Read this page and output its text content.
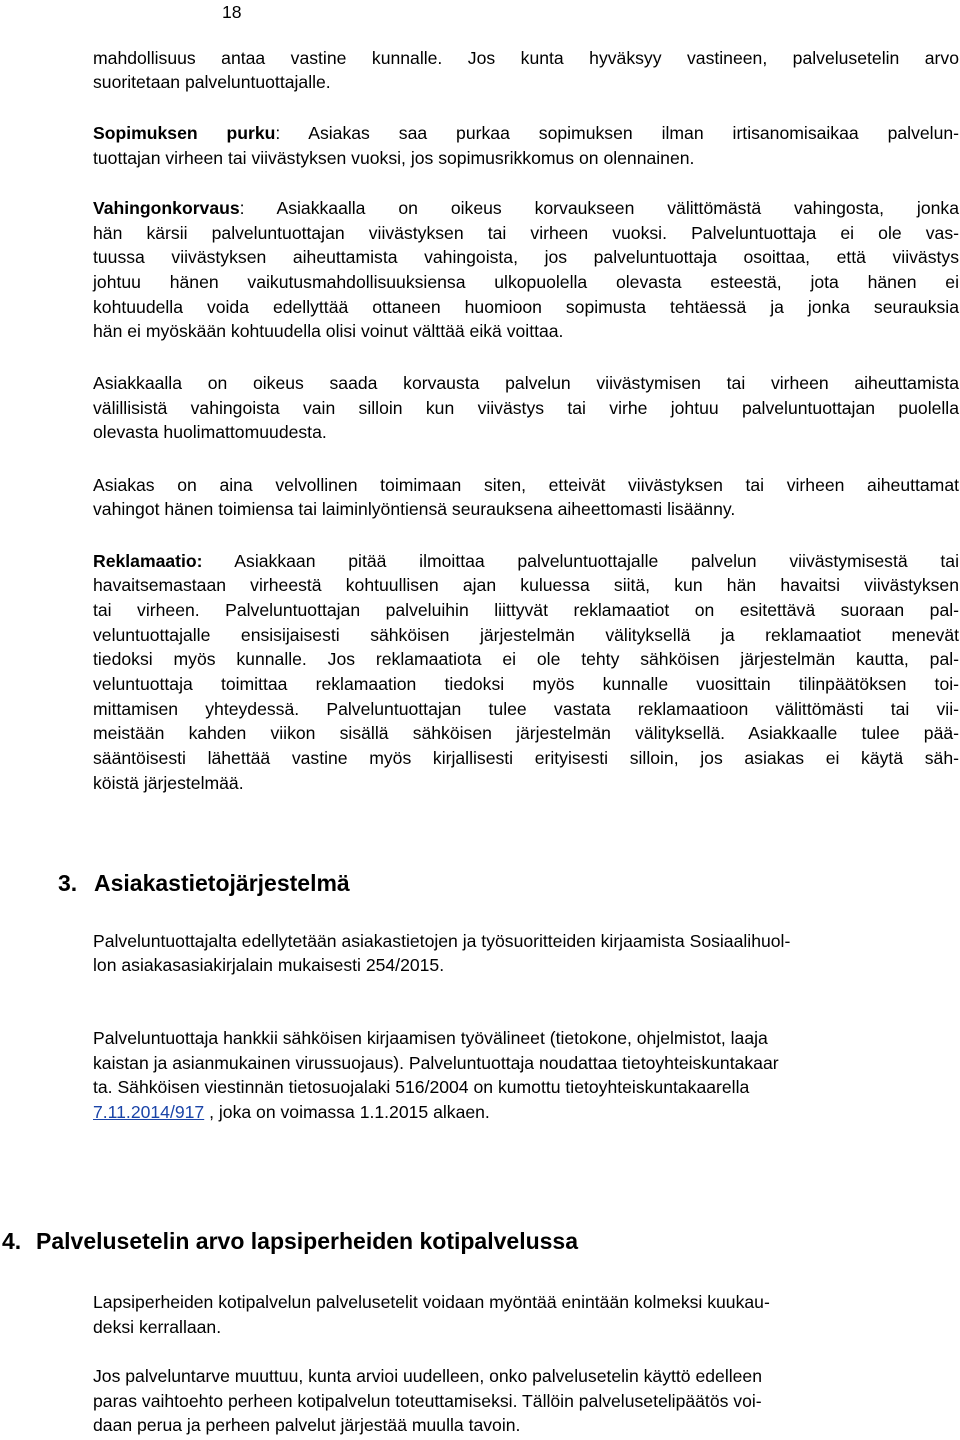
18
mahdollisuus antaa vastine kunnalle. Jos kunta hyväksyy vastineen, palvelusetelin arvo
suoritetaan palveluntuottajalle.
Sopimuksen purku: Asiakas saa purkaa sopimuksen ilman irtisanomisaikaa palvelun-
tuottajan virheen tai viivästyksen vuoksi, jos sopimusrikkomus on olennainen.
Vahingonkorvaus: Asiakkaalla on oikeus korvaukseen välittömästä vahingosta, jonka
hän kärsii palveluntuottajan viivästyksen tai virheen vuoksi. Palveluntuottaja ei ole vas-
tuussa viivästyksen aiheuttamista vahingoista, jos palveluntuottaja osoittaa, että viivästys
johtuu hänen vaikutusmahdollisuuksiensa ulkopuolella olevasta esteestä, jota hänen ei
kohtuudella voida edellyttää ottaneen huomioon sopimusta tehtäessä ja jonka seurauksia
hän ei myöskään kohtuudella olisi voinut välttää eikä voittaa.
Asiakkaalla on oikeus saada korvausta palvelun viivästymisen tai virheen aiheuttamista
välillisistä vahingoista vain silloin kun viivästys tai virhe johtuu palveluntuottajan puolella
olevasta huolimattomuudesta.
Asiakas on aina velvollinen toimimaan siten, etteivät viivästyksen tai virheen aiheuttamat
vahingot hänen toimiensa tai laiminlyöntiensä seurauksena aiheettomasti lisäänny.
Reklamaatio: Asiakkaan pitää ilmoittaa palveluntuottajalle palvelun viivästymisestä tai
havaitsemastaan virheestä kohtuullisen ajan kuluessa siitä, kun hän havaitsi viivästyksen
tai virheen. Palveluntuottajan palveluihin liittyvät reklamaatiot on esitettävä suoraan pal-
veluntuottajalle ensisijaisesti sähköisen järjestelmän välityksellä ja reklamaatiot menevät
tiedoksi myös kunnalle. Jos reklamaatiota ei ole tehty sähköisen järjestelmän kautta, pal-
veluntuottaja toimittaa reklamaation tiedoksi myös kunnalle vuosittain tilinpäätöksen toi-
mittamisen yhteydessä. Palveluntuottajan tulee vastata reklamaatioon välittömästi tai vii-
meistään kahden viikon sisällä sähköisen järjestelmän välityksellä. Asiakkaalle tulee pää-
sääntöisesti lähettää vastine myös kirjallisesti erityisesti silloin, jos asiakas ei käytä säh-
köistä järjestelmää.
3. Asiakastietojärjestelmä
Palveluntuottajalta edellytetään asiakastietojen ja työsuoritteiden kirjaamista Sosiaalihuol-
lon asiakasasiakirjalain mukaisesti 254/2015.
Palveluntuottaja hankkii sähköisen kirjaamisen työvälineet (tietokone, ohjelmistot, laaja
kaistan ja asianmukainen virussuojaus). Palveluntuottaja noudattaa tietoyhteiskuntakaar
ta. Sähköisen viestinnän tietosuojalaki 516/2004 on kumottu tietoyhteiskuntakaarella
7.11.2014/917 , joka on voimassa 1.1.2015 alkaen.
4. Palvelusetelin arvo lapsiperheiden kotipalvelussa
Lapsiperheiden kotipalvelun palvelusetelit voidaan myöntää enintään kolmeksi kuukau-
deksi kerrallaan.
Jos palveluntarve muuttuu, kunta arvioi uudelleen, onko palvelusetelin käyttö edelleen
paras vaihtoehto perheen kotipalvelun toteuttamiseksi. Tällöin palvelusetelipäätös voi-
daan perua ja perheen palvelut järjestää muulla tavoin.
